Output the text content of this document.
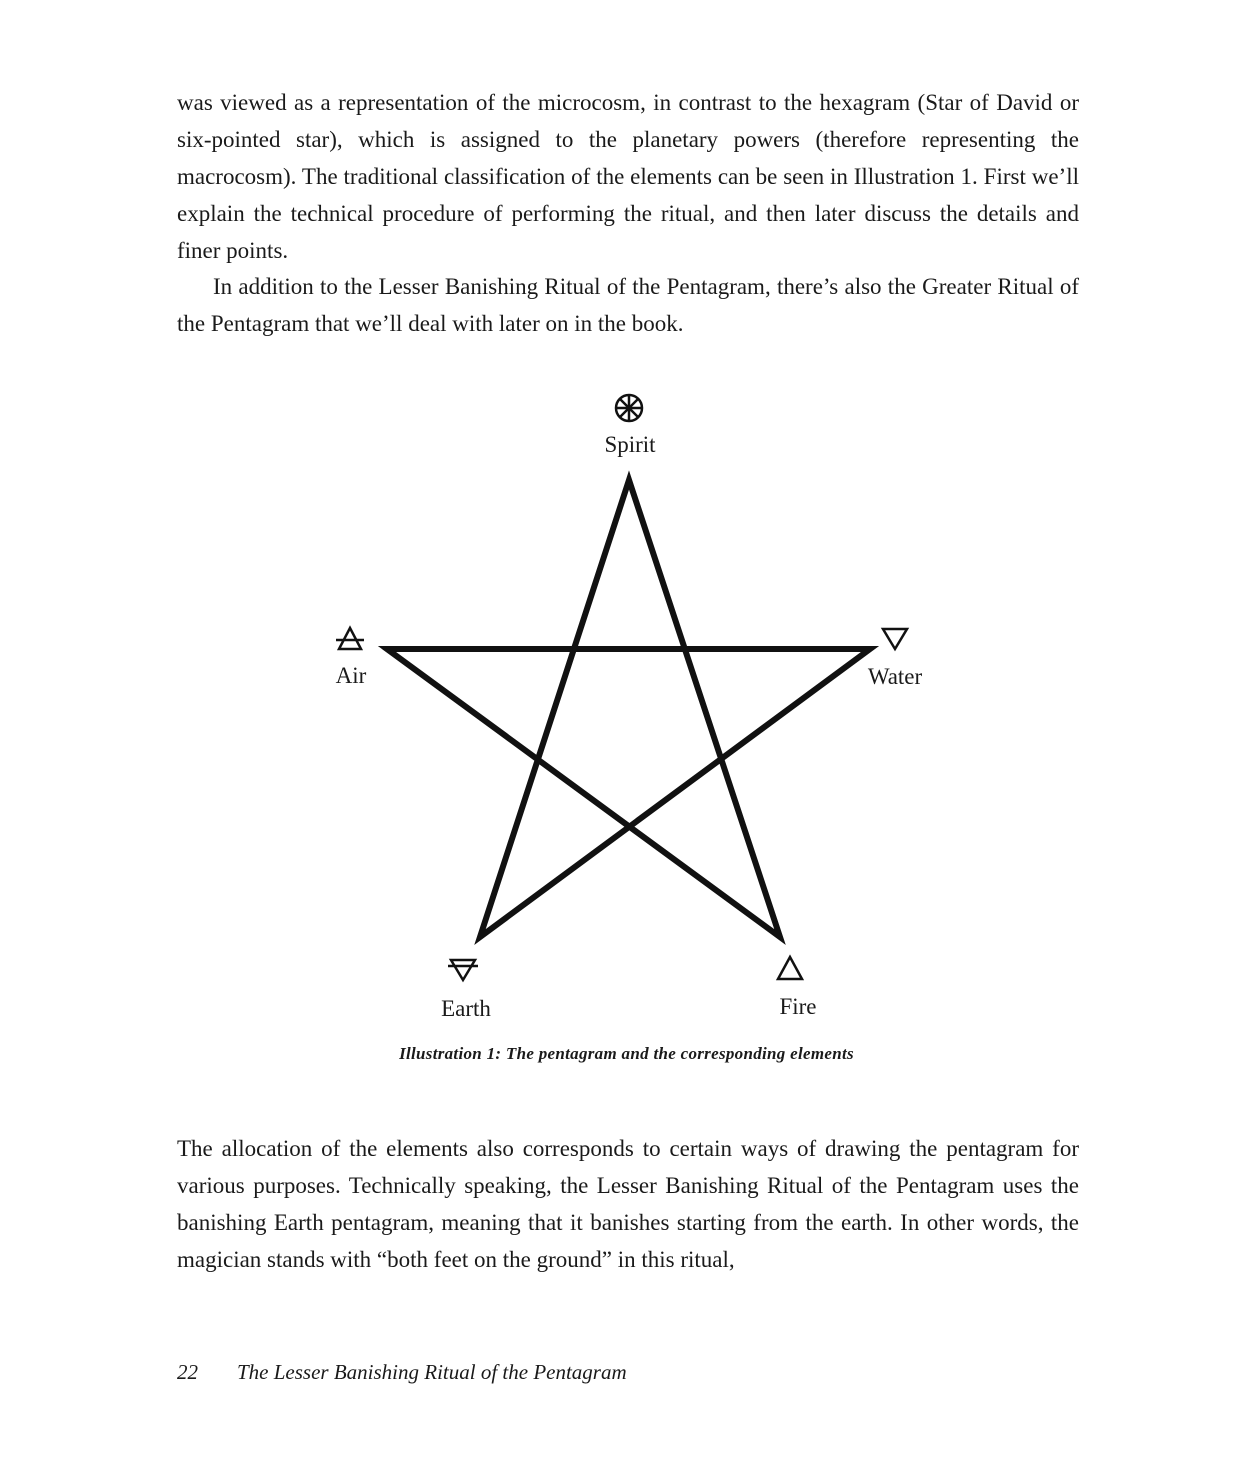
was viewed as a representation of the microcosm, in contrast to the hexagram (Star of David or six-pointed star), which is assigned to the planetary powers (therefore representing the macrocosm). The traditional classification of the elements can be seen in Illustration 1. First we’ll explain the technical procedure of performing the ritual, and then later discuss the details and finer points.

In addition to the Lesser Banishing Ritual of the Pentagram, there’s also the Greater Ritual of the Pentagram that we’ll deal with later on in the book.

Spirit
Air	Water
Earth	Fire

Illustration 1: The pentagram and the corresponding elements

The allocation of the elements also corresponds to certain ways of drawing the pentagram for various purposes. Technically speaking, the Lesser Banishing Ritual of the Pentagram uses the banishing Earth pentagram, meaning that it banishes starting from the earth. In other words, the magician stands with “both feet on the ground” in this ritual,

22 The Lesser Banishing Ritual of the Pentagram
